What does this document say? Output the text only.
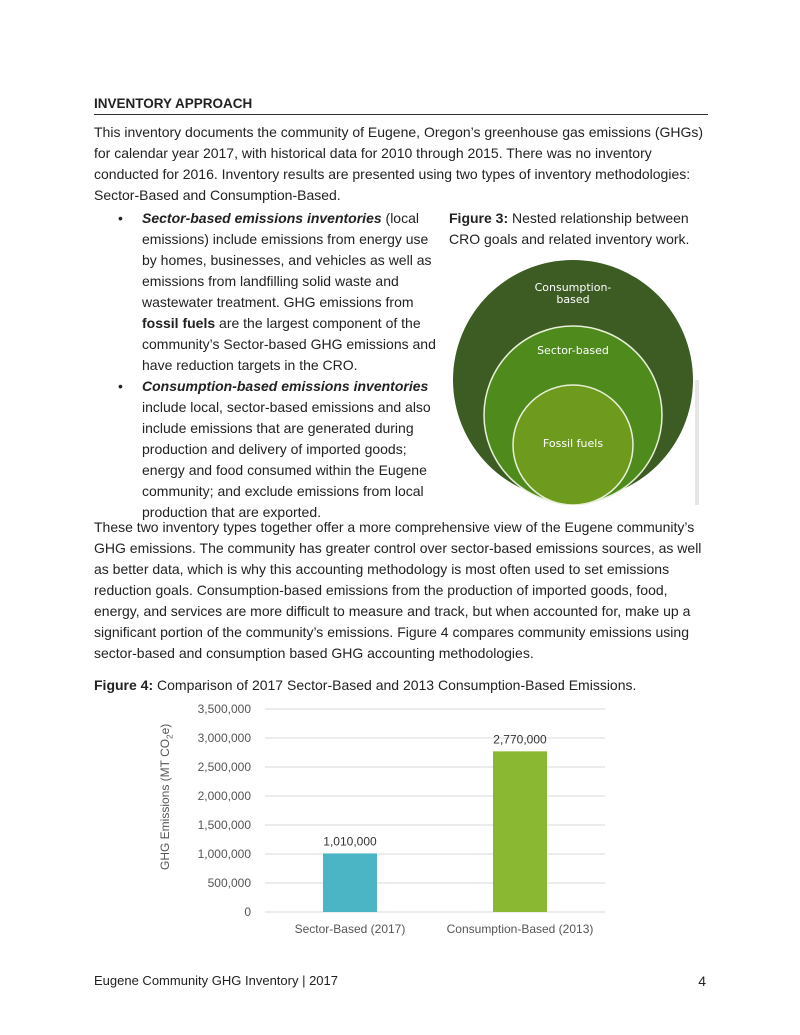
INVENTORY APPROACH
This inventory documents the community of Eugene, Oregon’s greenhouse gas emissions (GHGs) for calendar year 2017, with historical data for 2010 through 2015. There was no inventory conducted for 2016. Inventory results are presented using two types of inventory methodologies: Sector-Based and Consumption-Based.
• Sector-based emissions inventories (local emissions) include emissions from energy use by homes, businesses, and vehicles as well as emissions from landfilling solid waste and wastewater treatment. GHG emissions from fossil fuels are the largest component of the community’s Sector-based GHG emissions and have reduction targets in the CRO.
• Consumption-based emissions inventories include local, sector-based emissions and also include emissions that are generated during production and delivery of imported goods; energy and food consumed within the Eugene community; and exclude emissions from local production that are exported.
Figure 3: Nested relationship between CRO goals and related inventory work.
Consumption-
based
Sector-based
Fossil fuels
These two inventory types together offer a more comprehensive view of the Eugene community’s GHG emissions. The community has greater control over sector-based emissions sources, as well as better data, which is why this accounting methodology is most often used to set emissions reduction goals. Consumption-based emissions from the production of imported goods, food, energy, and services are more difficult to measure and track, but when accounted for, make up a significant portion of the community’s emissions. Figure 4 compares community emissions using sector-based and consumption based GHG accounting methodologies.
Figure 4: Comparison of 2017 Sector-Based and 2013 Consumption-Based Emissions.
GHG Emissions (MT $CO_2e$)
0
500,000
1,000,000
1,500,000
2,000,000
2,500,000
3,000,000
3,500,000
1,010,000
Sector-Based (2017)
2,770,000
Consumption-Based (2013)
Eugene Community GHG Inventory | 2017	4
